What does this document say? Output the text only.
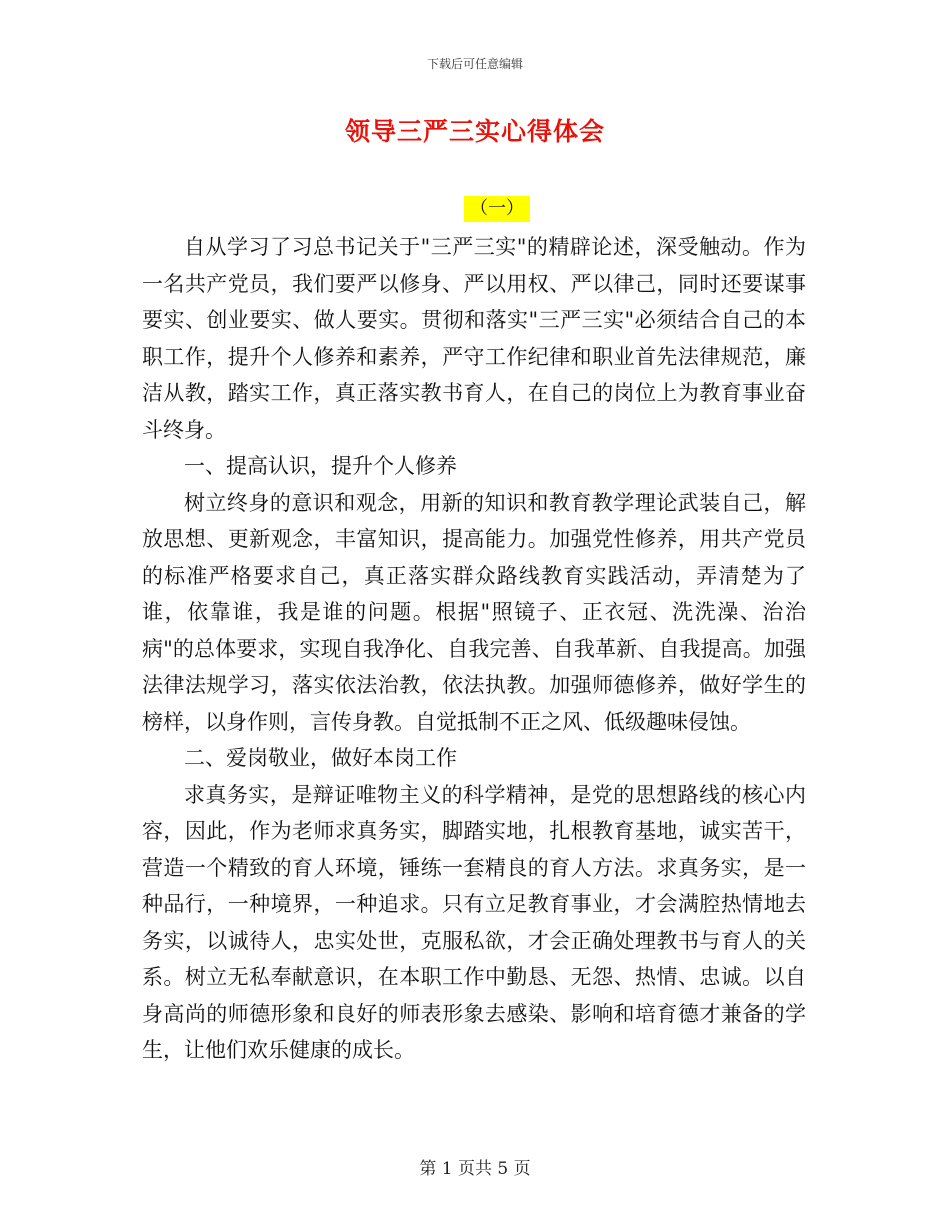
下载后可任意编辑
领导三严三实心得体会
（一）

自从学习了习总书记关于"三严三实"的精辟论述，深受触动。作为一名共产党员，我们要严以修身、严以用权、严以律己，同时还要谋事要实、创业要实、做人要实。贯彻和落实"三严三实"必须结合自己的本职工作，提升个人修养和素养，严守工作纪律和职业首先法律规范，廉洁从教，踏实工作，真正落实教书育人，在自己的岗位上为教育事业奋斗终身。

一、提高认识，提升个人修养

树立终身的意识和观念，用新的知识和教育教学理论武装自己，解放思想、更新观念，丰富知识，提高能力。加强党性修养，用共产党员的标准严格要求自己，真正落实群众路线教育实践活动，弄清楚为了谁，依靠谁，我是谁的问题。根据"照镜子、正衣冠、洗洗澡、治治病"的总体要求，实现自我净化、自我完善、自我革新、自我提高。加强法律法规学习，落实依法治教，依法执教。加强师德修养，做好学生的榜样，以身作则，言传身教。自觉抵制不正之风、低级趣味侵蚀。

二、爱岗敬业，做好本岗工作

求真务实，是辩证唯物主义的科学精神，是党的思想路线的核心内容，因此，作为老师求真务实，脚踏实地，扎根教育基地，诚实苦干，营造一个精致的育人环境，锤练一套精良的育人方法。求真务实，是一种品行，一种境界，一种追求。只有立足教育事业，才会满腔热情地去务实，以诚待人，忠实处世，克服私欲，才会正确处理教书与育人的关系。树立无私奉献意识，在本职工作中勤恳、无怨、热情、忠诚。以自身高尚的师德形象和良好的师表形象去感染、影响和培育德才兼备的学生，让他们欢乐健康的成长。

第 1 页共 5 页
